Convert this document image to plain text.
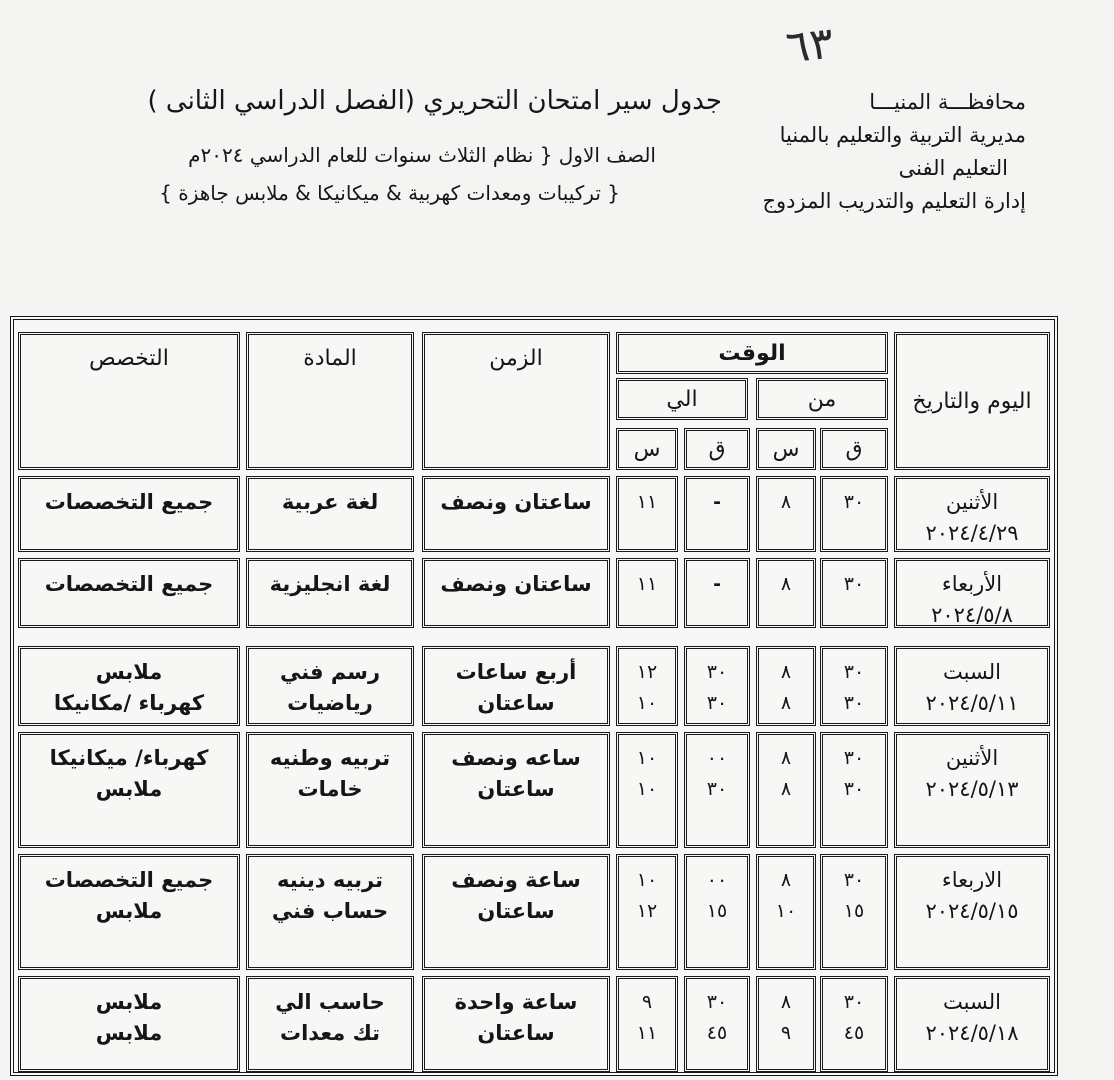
٦٣
محافظـــة المنيـــا
مديرية التربية والتعليم بالمنيا
التعليم الفنى
إدارة التعليم والتدريب المزدوج
جدول سير امتحان التحريري (الفصل الدراسي الثانى )
الصف الاول { نظام الثلاث سنوات للعام الدراسي ٢٠٢٤م
{ تركيبات ومعدات كهربية & ميكانيكا & ملابس جاهزة }
اليوم والتاريخ
الوقت
من
الي
ق
س
ق
س
الزمن
المادة
التخصص
الأثنين
٢٠٢٤/٤/٢٩
٣٠
٨
-
١١
ساعتان ونصف
لغة عربية
جميع التخصصات
الأربعاء
٢٠٢٤/٥/٨
٣٠
٨
-
١١
ساعتان ونصف
لغة انجليزية
جميع التخصصات
السبت
٢٠٢٤/٥/١١
٣٠
٣٠
٨
٨
٣٠
٣٠
١٢
١٠
أربع ساعات
ساعتان
رسم فني
رياضيات
ملابس
كهرباء /مكانيكا
الأثنين
٢٠٢٤/٥/١٣
٣٠
٣٠
٨
٨
٠٠
٣٠
١٠
١٠
ساعه ونصف
ساعتان
تربيه وطنيه
خامات
كهرباء/ ميكانيكا
ملابس
الاربعاء
٢٠٢٤/٥/١٥
٣٠
١٥
٨
١٠
٠٠
١٥
١٠
١٢
ساعة ونصف
ساعتان
تربيه دينيه
حساب فني
جميع التخصصات
ملابس
السبت
٢٠٢٤/٥/١٨
٣٠
٤٥
٨
٩
٣٠
٤٥
٩
١١
ساعة واحدة
ساعتان
حاسب الي
تك معدات
ملابس
ملابس
